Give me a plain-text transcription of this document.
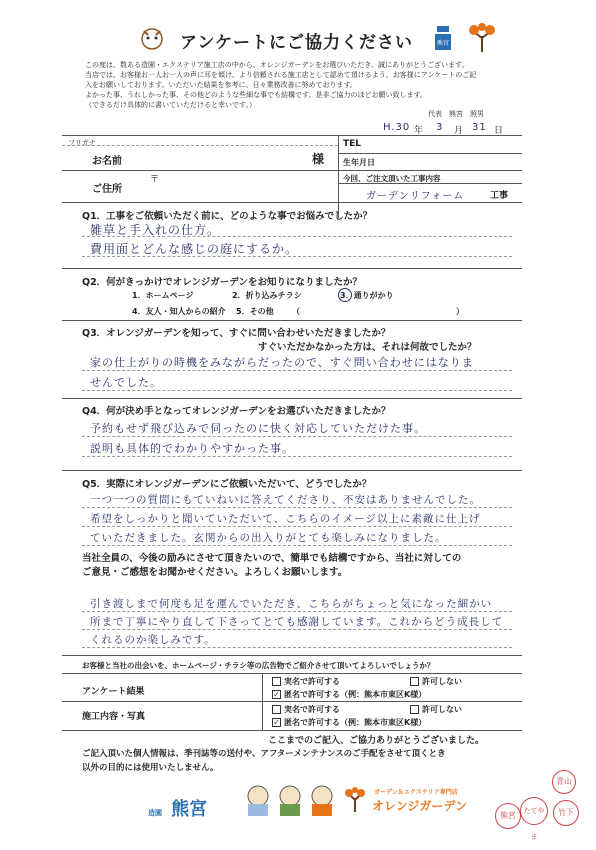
アンケートにご協力ください	熊宮
この度は、数ある造園・エクステリア施工店の中から、オレンジガーデンをお選びいただき、誠にありがとうございます。
当店では、お客様お一人お一人の声に耳を傾け、より信頼される施工店として認めて頂けるよう、お客様にアンケートのご記
入をお願いしております。いただいた結果を参考に、日々業務改善に努めております。
よかった事、うれしかった事、その他どのような些細な事でも結構です。是非ご協力のほどお願い致します。
（できるだけ具体的に書いていただけると幸いです。）
代表　熊宮　照男
H.30 年 3 月 31 日
フリガナ
お名前	様
TEL
生年月日
ご住所
〒	今回、ご注文頂いた工事内容
ガーデンリフォーム	工事
Q1．工事をご依頼いただく前に、どのような事でお悩みでしたか？
雑草と手入れの仕方。
費用面とどんな感じの庭にするか。
Q2．何がきっかけでオレンジガーデンをお知りになりましたか？
1．ホームページ	2．折り込みチラシ	3．通りがかり
4．友人・知人からの紹介 5．その他 （	）
Q3．オレンジガーデンを知って、すぐに問い合わせいただきましたか？
すぐいただかなかった方は、それは何故でしたか？
家の仕上がりの時機をみながらだったので、すぐ問い合わせにはなりま
せんでした。
Q4．何が決め手となってオレンジガーデンをお選びいただきましたか？
予約もせず飛び込みで伺ったのに快く対応していただけた事。
説明も具体的でわかりやすかった事。
Q5．実際にオレンジガーデンにご依頼いただいて、どうでしたか？
一つ一つの質問にもていねいに答えてくださり、不安はありませんでした。
希望をしっかりと聞いていただいて、こちらのイメージ以上に素敵に仕上げ
ていただきました。玄関からの出入りがとても楽しみになりました。
当社全員の、今後の励みにさせて頂きたいので、簡単でも結構ですから、当社に対しての
ご意見・ご感想をお聞かせください。よろしくお願いします。
引き渡しまで何度も足を運んでいただき、こちらがちょっと気になった細かい
所まで丁寧にやり直して下さってとても感謝しています。これからどう成長して
くれるのか楽しみです。
お客様と当社の出会いを、ホームページ・チラシ等の広告物でご紹介させて頂いてよろしいでしょうか？
アンケート結果
実名で許可する	許可しない
✓ 匿名で許可する（例：熊本市東区K様）
施工内容・写真
実名で許可する	許可しない
✓ 匿名で許可する（例：熊本市東区K様）
ここまでのご記入、ご協力ありがとうございました。
ご記入頂いた個人情報は、季刊誌等の送付や、アフターメンテナンスのご手配をさせて頂くとき
以外の目的には使用いたしません。
造園 熊宮
ガーデン＆エクステリア専門店
オレンジガーデン
青山
熊宮	たてやま
竹下
